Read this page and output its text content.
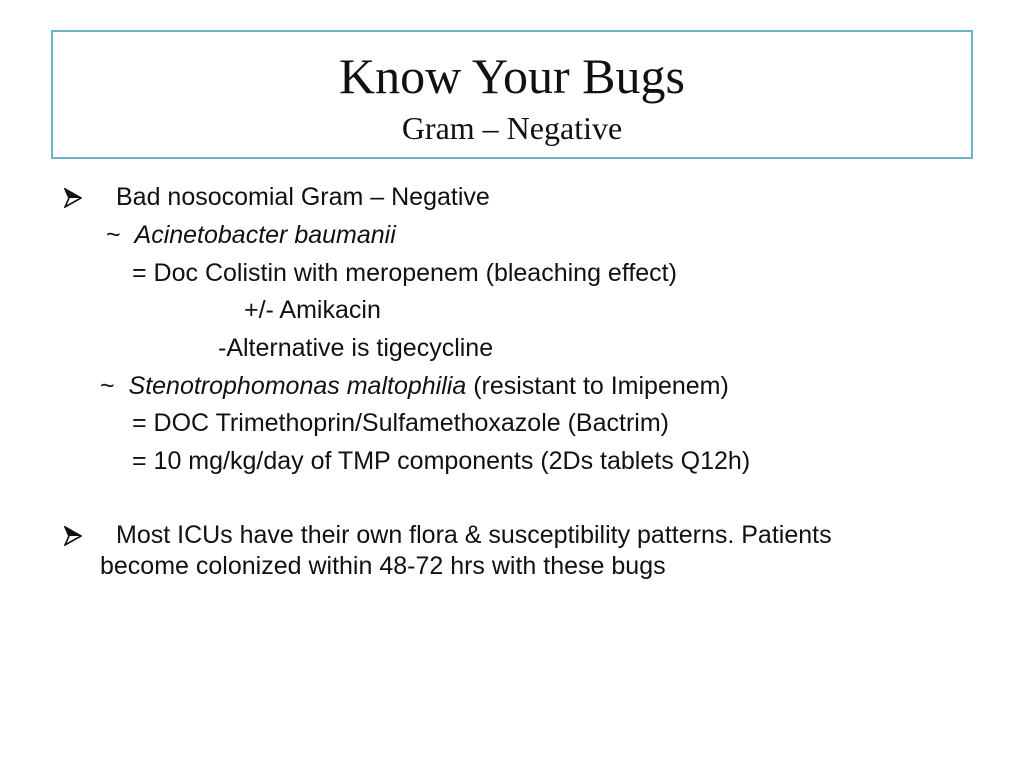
Know Your Bugs
Gram – Negative
Bad nosocomial Gram – Negative
~ Acinetobacter baumanii
= Doc Colistin with meropenem (bleaching effect)
+/- Amikacin
-Alternative is tigecycline
~ Stenotrophomonas maltophilia (resistant to Imipenem)
= DOC Trimethoprin/Sulfamethoxazole (Bactrim)
= 10 mg/kg/day of TMP components (2Ds tablets Q12h)
Most ICUs have their own flora & susceptibility patterns. Patients
become colonized within 48-72 hrs with these bugs
